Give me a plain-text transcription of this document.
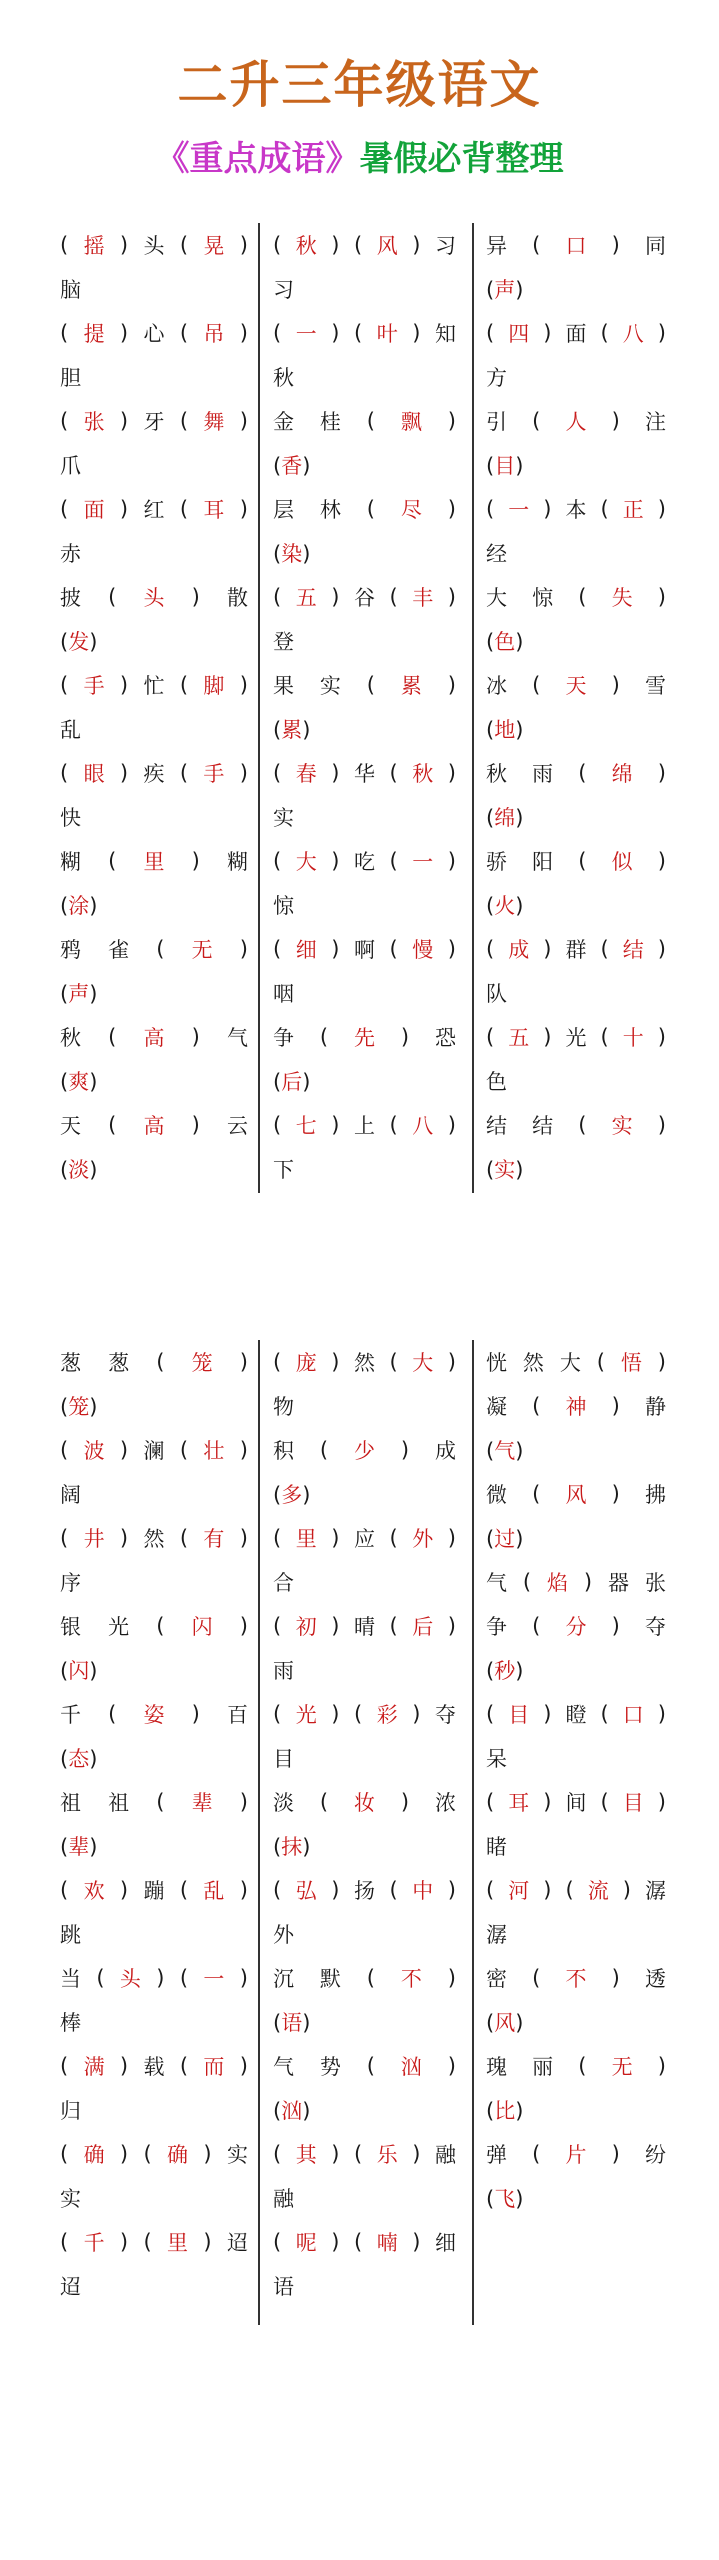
二升三年级语文
《重点成语》暑假必背整理
( 摇 ) 头 ( 晃 )
脑
( 提 ) 心 ( 吊 )
胆
( 张 ) 牙 ( 舞 )
爪
( 面 ) 红 ( 耳 )
赤
披 ( 头 ) 散
(发)
( 手 ) 忙 ( 脚 )
乱
( 眼 ) 疾 ( 手 )
快
糊 ( 里 ) 糊
(涂)
鸦 雀 ( 无 )
(声)
秋 ( 高 ) 气
(爽)
天 ( 高 ) 云
(淡)
( 秋 ) ( 风 ) 习
习
( 一 ) ( 叶 ) 知
秋
金 桂 ( 飘 )
(香)
层 林 ( 尽 )
(染)
( 五 ) 谷 ( 丰 )
登
果 实 ( 累 )
(累)
( 春 ) 华 ( 秋 )
实
( 大 ) 吃 ( 一 )
惊
( 细 ) 啊 ( 慢 )
咽
争 ( 先 ) 恐
(后)
( 七 ) 上 ( 八 )
下
异 ( 口 ) 同
(声)
( 四 ) 面 ( 八 )
方
引 ( 人 ) 注
(目)
( 一 ) 本 ( 正 )
经
大 惊 ( 失 )
(色)
冰 ( 天 ) 雪
(地)
秋 雨 ( 绵 )
(绵)
骄 阳 ( 似 )
(火)
( 成 ) 群 ( 结 )
队
( 五 ) 光 ( 十 )
色
结 结 ( 实 )
(实)
葱 葱 ( 笼 )
(笼)
( 波 ) 澜 ( 壮 )
阔
( 井 ) 然 ( 有 )
序
银 光 ( 闪 )
(闪)
千 ( 姿 ) 百
(态)
祖 祖 ( 辈 )
(辈)
( 欢 ) 蹦 ( 乱 )
跳
当 ( 头 ) ( 一 )
棒
( 满 ) 载 ( 而 )
归
( 确 ) ( 确 ) 实
实
( 千 ) ( 里 ) 迢
迢
( 庞 ) 然 ( 大 )
物
积 ( 少 ) 成
(多)
( 里 ) 应 ( 外 )
合
( 初 ) 晴 ( 后 )
雨
( 光 ) ( 彩 ) 夺
目
淡 ( 妆 ) 浓
(抹)
( 弘 ) 扬 ( 中 )
外
沉 默 ( 不 )
(语)
气 势 ( 汹 )
(汹)
( 其 ) ( 乐 ) 融
融
( 呢 ) ( 喃 ) 细
语
恍 然 大 ( 悟 )
凝 ( 神 ) 静
(气)
微 ( 风 ) 拂
(过)
气 ( 焰 ) 器 张
争 ( 分 ) 夺
(秒)
( 目 ) 瞪 ( 口 )
呆
( 耳 ) 间 ( 目 )
睹
( 河 ) ( 流 ) 潺
潺
密 ( 不 ) 透
(风)
瑰 丽 ( 无 )
(比)
弹 ( 片 ) 纷
(飞)
